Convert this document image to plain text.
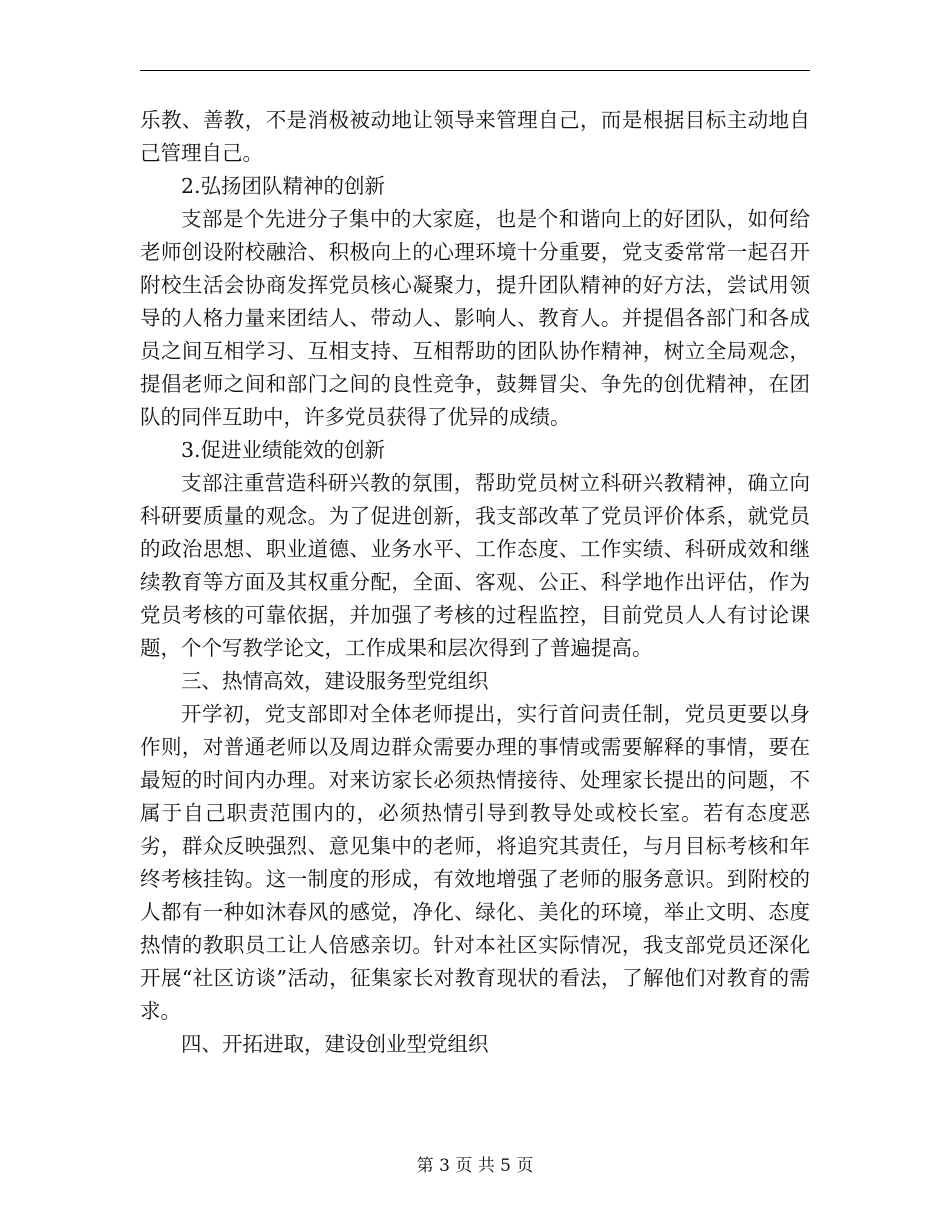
乐教、善教，不是消极被动地让领导来管理自己，而是根据目标主动地自己管理自己。

2.弘扬团队精神的创新

支部是个先进分子集中的大家庭，也是个和谐向上的好团队，如何给老师创设附校融洽、积极向上的心理环境十分重要，党支委常常一起召开附校生活会协商发挥党员核心凝聚力，提升团队精神的好方法，尝试用领导的人格力量来团结人、带动人、影响人、教育人。并提倡各部门和各成员之间互相学习、互相支持、互相帮助的团队协作精神，树立全局观念，提倡老师之间和部门之间的良性竞争，鼓舞冒尖、争先的创优精神，在团队的同伴互助中，许多党员获得了优异的成绩。

3.促进业绩能效的创新

支部注重营造科研兴教的氛围，帮助党员树立科研兴教精神，确立向科研要质量的观念。为了促进创新，我支部改革了党员评价体系，就党员的政治思想、职业道德、业务水平、工作态度、工作实绩、科研成效和继续教育等方面及其权重分配，全面、客观、公正、科学地作出评估，作为党员考核的可靠依据，并加强了考核的过程监控，目前党员人人有讨论课题，个个写教学论文，工作成果和层次得到了普遍提高。

三、热情高效，建设服务型党组织

开学初，党支部即对全体老师提出，实行首问责任制，党员更要以身作则，对普通老师以及周边群众需要办理的事情或需要解释的事情，要在最短的时间内办理。对来访家长必须热情接待、处理家长提出的问题，不属于自己职责范围内的，必须热情引导到教导处或校长室。若有态度恶劣，群众反映强烈、意见集中的老师，将追究其责任，与月目标考核和年终考核挂钩。这一制度的形成，有效地增强了老师的服务意识。到附校的人都有一种如沐春风的感觉，净化、绿化、美化的环境，举止文明、态度热情的教职员工让人倍感亲切。针对本社区实际情况，我支部党员还深化开展“社区访谈”活动，征集家长对教育现状的看法，了解他们对教育的需求。

四、开拓进取，建设创业型党组织

第 3 页 共 5 页
